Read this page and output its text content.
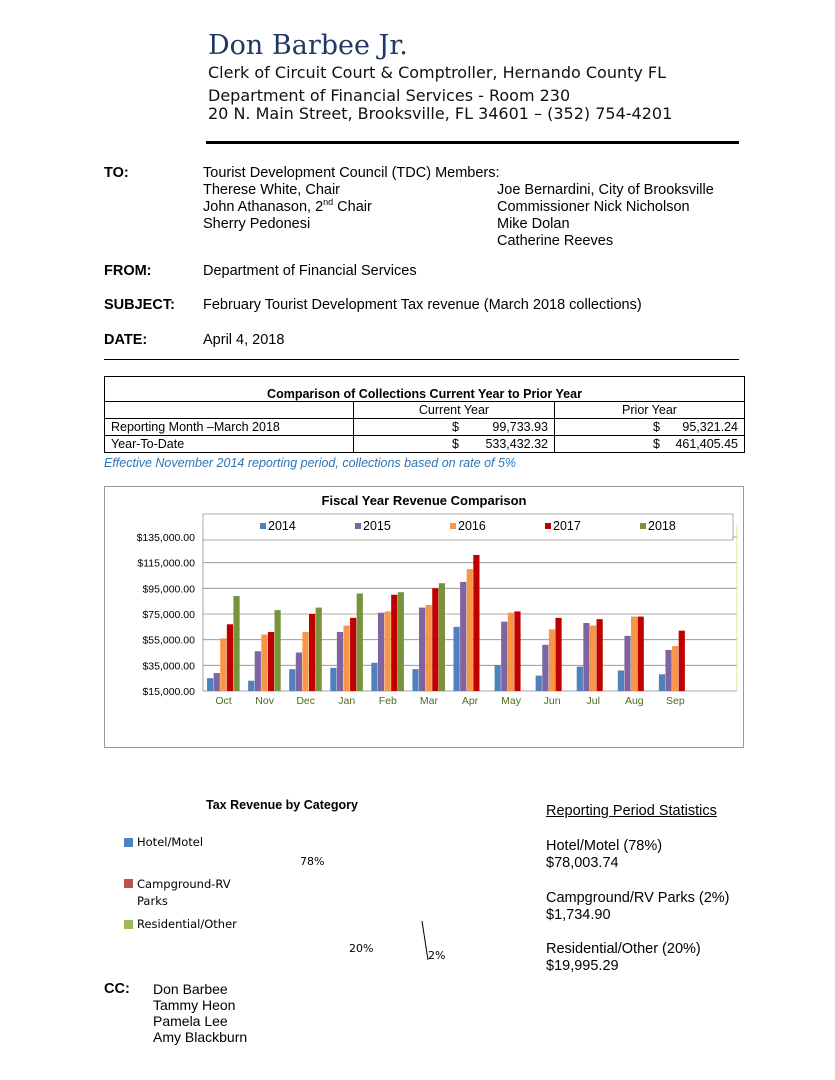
Don Barbee Jr.
Clerk of Circuit Court & Comptroller, Hernando County FL
Department of Financial Services - Room 230
20 N. Main Street, Brooksville, FL 34601 – (352) 754-4201
TO:	Tourist Development Council (TDC) Members:
Therese White, Chair
John Athanason, 2nd Chair
Sherry Pedonesi
Joe Bernardini, City of Brooksville
Commissioner Nick Nicholson
Mike Dolan
Catherine Reeves
FROM:	Department of Financial Services
SUBJECT: February Tourist Development Tax revenue (March 2018 collections)
DATE:	April 4, 2018
Comparison of Collections Current Year to Prior Year		
	Current Year	Prior Year
Reporting Month –March 2018	$ 99,733.93	$ 95,321.24

Year-To-Date	$ 533,432.32	$ 461,405.45
Effective November 2014 reporting period, collections based on rate of 5%
Fiscal Year Revenue Comparison
$135,000.00
$115,000.00
$95,000.00
$75,000.00
$55,000.00
$35,000.00
$15,000.00
Oct Nov Dec Jan Feb Mar Apr May Jun Jul Aug Sep
2014	2015	2016	2017	2018
Tax Revenue by Category
Hotel/Motel
Campground-RV Parks
Residential/Other
78%
20%
2%
Reporting Period Statistics
Hotel/Motel (78%)
$78,003.74
Campground/RV Parks (2%)
$1,734.90
Residential/Other (20%)
$19,995.29
CC: Don Barbee
Tammy Heon
Pamela Lee
Amy Blackburn
